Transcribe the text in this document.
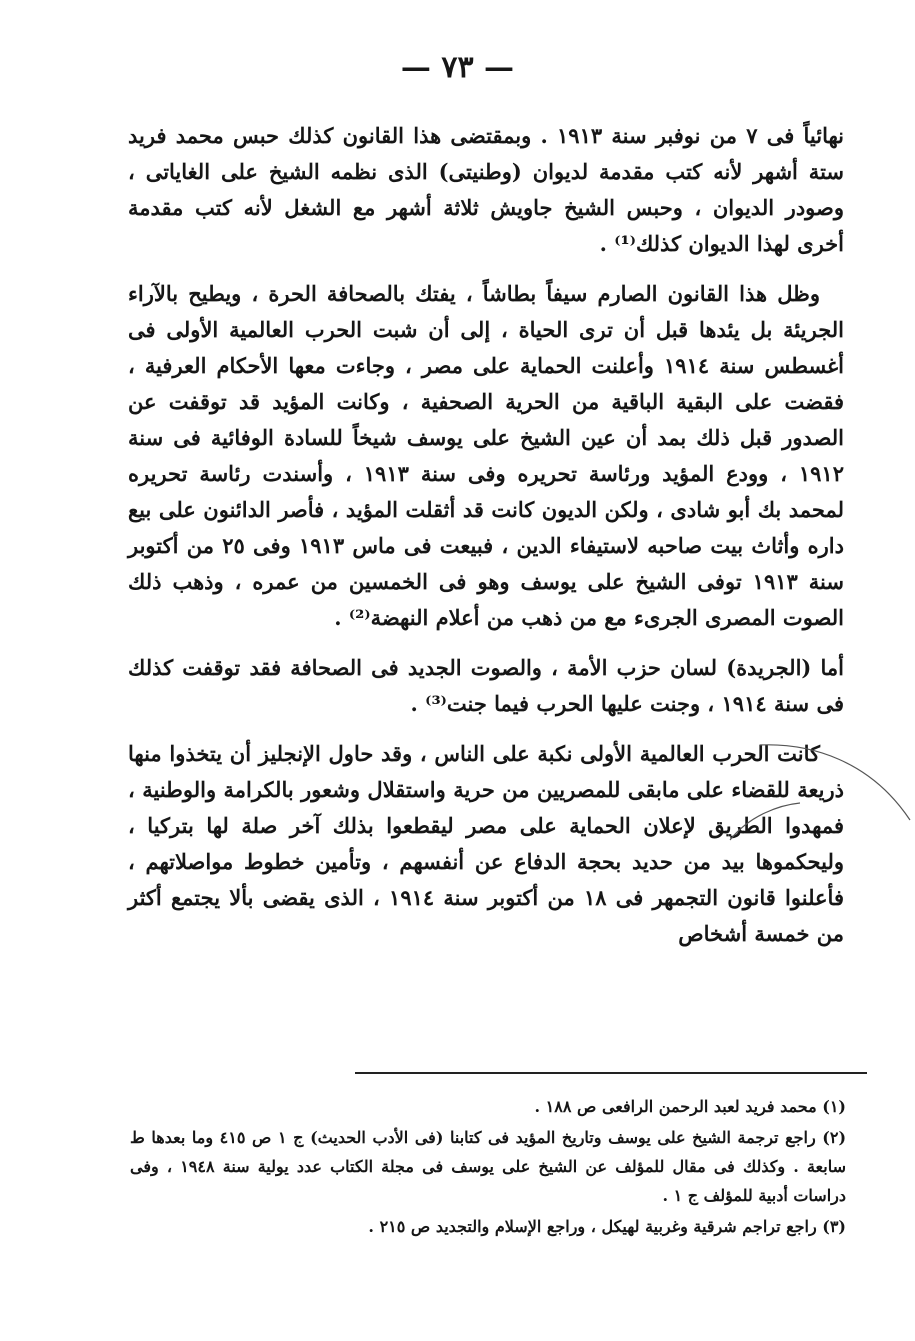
— ٧٣ —

نهائياً فى ٧ من نوفبر سنة ١٩١٣ . وبمقتضى هذا القانون كذلك حبس محمد فريد ستة أشهر لأنه كتب مقدمة لديوان (وطنيتى) الذى نظمه الشيخ على الغاياتى ، وصودر الديوان ، وحبس الشيخ جاويش ثلاثة أشهر مع الشغل لأنه كتب مقدمة أخرى لهذا الديوان كذلك⁽¹⁾ .

وظل هذا القانون الصارم سيفاً بطاشاً ، يفتك بالصحافة الحرة ، ويطيح بالآراء الجريئة بل يئدها قبل أن ترى الحياة ، إلى أن شبت الحرب العالمية الأولى فى أغسطس سنة ١٩١٤ وأعلنت الحماية على مصر ، وجاءت معها الأحكام العرفية ، فقضت على البقية الباقية من الحرية الصحفية ، وكانت المؤيد قد توقفت عن الصدور قبل ذلك بمد أن عين الشيخ على يوسف شيخاً للسادة الوفائية فى سنة ١٩١٢ ، وودع المؤيد ورئاسة تحريره وفى سنة ١٩١٣ ، وأسندت رئاسة تحريره لمحمد بك أبو شادى ، ولكن الديون كانت قد أثقلت المؤيد ، فأصر الدائنون على بيع داره وأثاث بيت صاحبه لاستيفاء الدين ، فبيعت فى ماس ١٩١٣ وفى ٢٥ من أكتوبر سنة ١٩١٣ توفى الشيخ على يوسف وهو فى الخمسين من عمره ، وذهب ذلك الصوت المصرى الجرىء مع من ذهب من أعلام النهضة⁽²⁾ .

أما (الجريدة) لسان حزب الأمة ، والصوت الجديد فى الصحافة فقد توقفت كذلك فى سنة ١٩١٤ ، وجنت عليها الحرب فيما جنت⁽³⁾ .

كانت الحرب العالمية الأولى نكبة على الناس ، وقد حاول الإنجليز أن يتخذوا منها ذريعة للقضاء على مابقى للمصريين من حرية واستقلال وشعور بالكرامة والوطنية ، فمهدوا الطريق لإعلان الحماية على مصر ليقطعوا بذلك آخر صلة لها بتركيا ، وليحكموها بيد من حديد بحجة الدفاع عن أنفسهم ، وتأمين خطوط مواصلاتهم ، فأعلنوا قانون التجمهر فى ١٨ من أكتوبر سنة ١٩١٤ ، الذى يقضى بألا يجتمع أكثر من خمسة أشخاص

(١) محمد فريد لعبد الرحمن الرافعى ص ١٨٨ .

(٢) راجع ترجمة الشيخ على يوسف وتاريخ المؤيد فى كتابنا (فى الأدب الحديث) ج ١ ص ٤١٥ وما بعدها ط سابعة . وكذلك فى مقال للمؤلف عن الشيخ على يوسف فى مجلة الكتاب عدد يولية سنة ١٩٤٨ ، وفى دراسات أدبية للمؤلف ج ١ .

(٣) راجع تراجم شرقية وغربية لهيكل ، وراجع الإسلام والتجديد ص ٢١٥ .
